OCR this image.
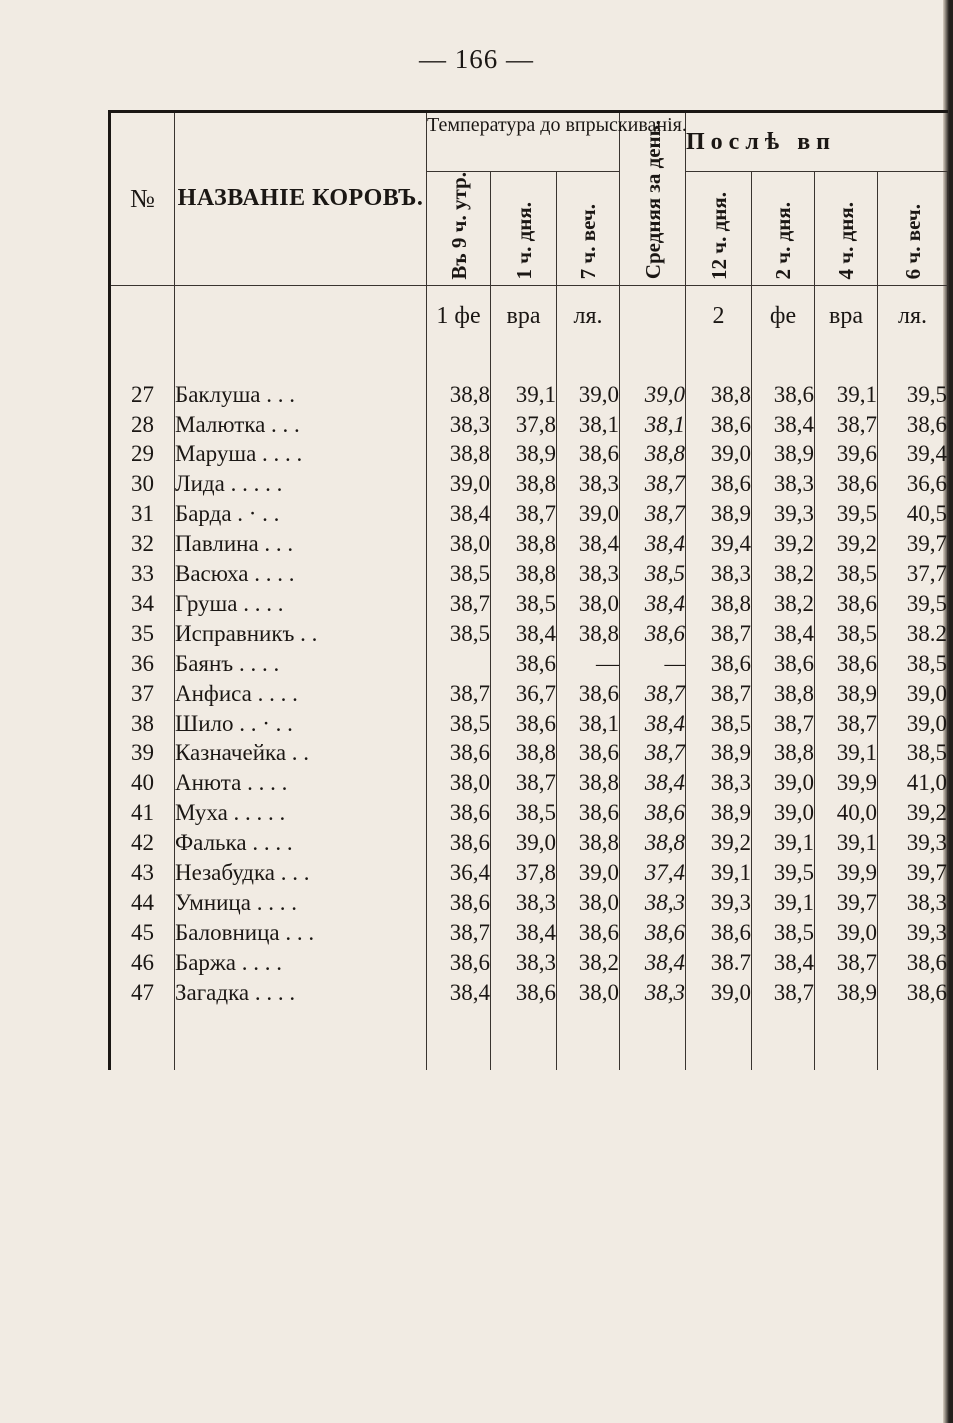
— 166 —
№	НАЗВАНІЕ КОРОВЪ.	Температура до впрыскиванія.			Средняя за день.	Послѣ вп			
		Въ 9 ч. утр.	1 ч. дня.	7 ч. веч.		12 ч. дня.	2 ч. дня.	4 ч. дня.	6 ч. веч.
		1 фе	вра	ля.		2	фе	вра	ля.

27	Баклуша . . .	38,8	39,1	39,0	39,0	38,8	38,6	39,1	39,5
28	Малютка . . .	38,3	37,8	38,1	38,1	38,6	38,4	38,7	38,6
29	Маруша . . . .	38,8	38,9	38,6	38,8	39,0	38,9	39,6	39,4
30	Лида . . . . .	39,0	38,8	38,3	38,7	38,6	38,3	38,6	36,6
31	Барда . · . .	38,4	38,7	39,0	38,7	38,9	39,3	39,5	40,5
32	Павлина . . .	38,0	38,8	38,4	38,4	39,4	39,2	39,2	39,7
33	Васюха . . . .	38,5	38,8	38,3	38,5	38,3	38,2	38,5	37,7
34	Груша . . . .	38,7	38,5	38,0	38,4	38,8	38,2	38,6	39,5
35	Исправникъ . .	38,5	38,4	38,8	38,6	38,7	38,4	38,5	38.2
36	Баянъ . . . .		38,6	—	—	38,6	38,6	38,6	38,5
37	Анфиса . . . .	38,7	36,7	38,6	38,7	38,7	38,8	38,9	39,0
38	Шило . . · . .	38,5	38,6	38,1	38,4	38,5	38,7	38,7	39,0
39	Казначейка . .	38,6	38,8	38,6	38,7	38,9	38,8	39,1	38,5
40	Анюта . . . .	38,0	38,7	38,8	38,4	38,3	39,0	39,9	41,0
41	Муха . . . . .	38,6	38,5	38,6	38,6	38,9	39,0	40,0	39,2
42	Фалька . . . .	38,6	39,0	38,8	38,8	39,2	39,1	39,1	39,3
43	Незабудка . . .	36,4	37,8	39,0	37,4	39,1	39,5	39,9	39,7
44	Умница . . . .	38,6	38,3	38,0	38,3	39,3	39,1	39,7	38,3
45	Баловница . . .	38,7	38,4	38,6	38,6	38,6	38,5	39,0	39,3
46	Баржа . . . .	38,6	38,3	38,2	38,4	38.7	38,4	38,7	38,6
47	Загадка . . . .	38,4	38,6	38,0	38,3	39,0	38,7	38,9	38,6
